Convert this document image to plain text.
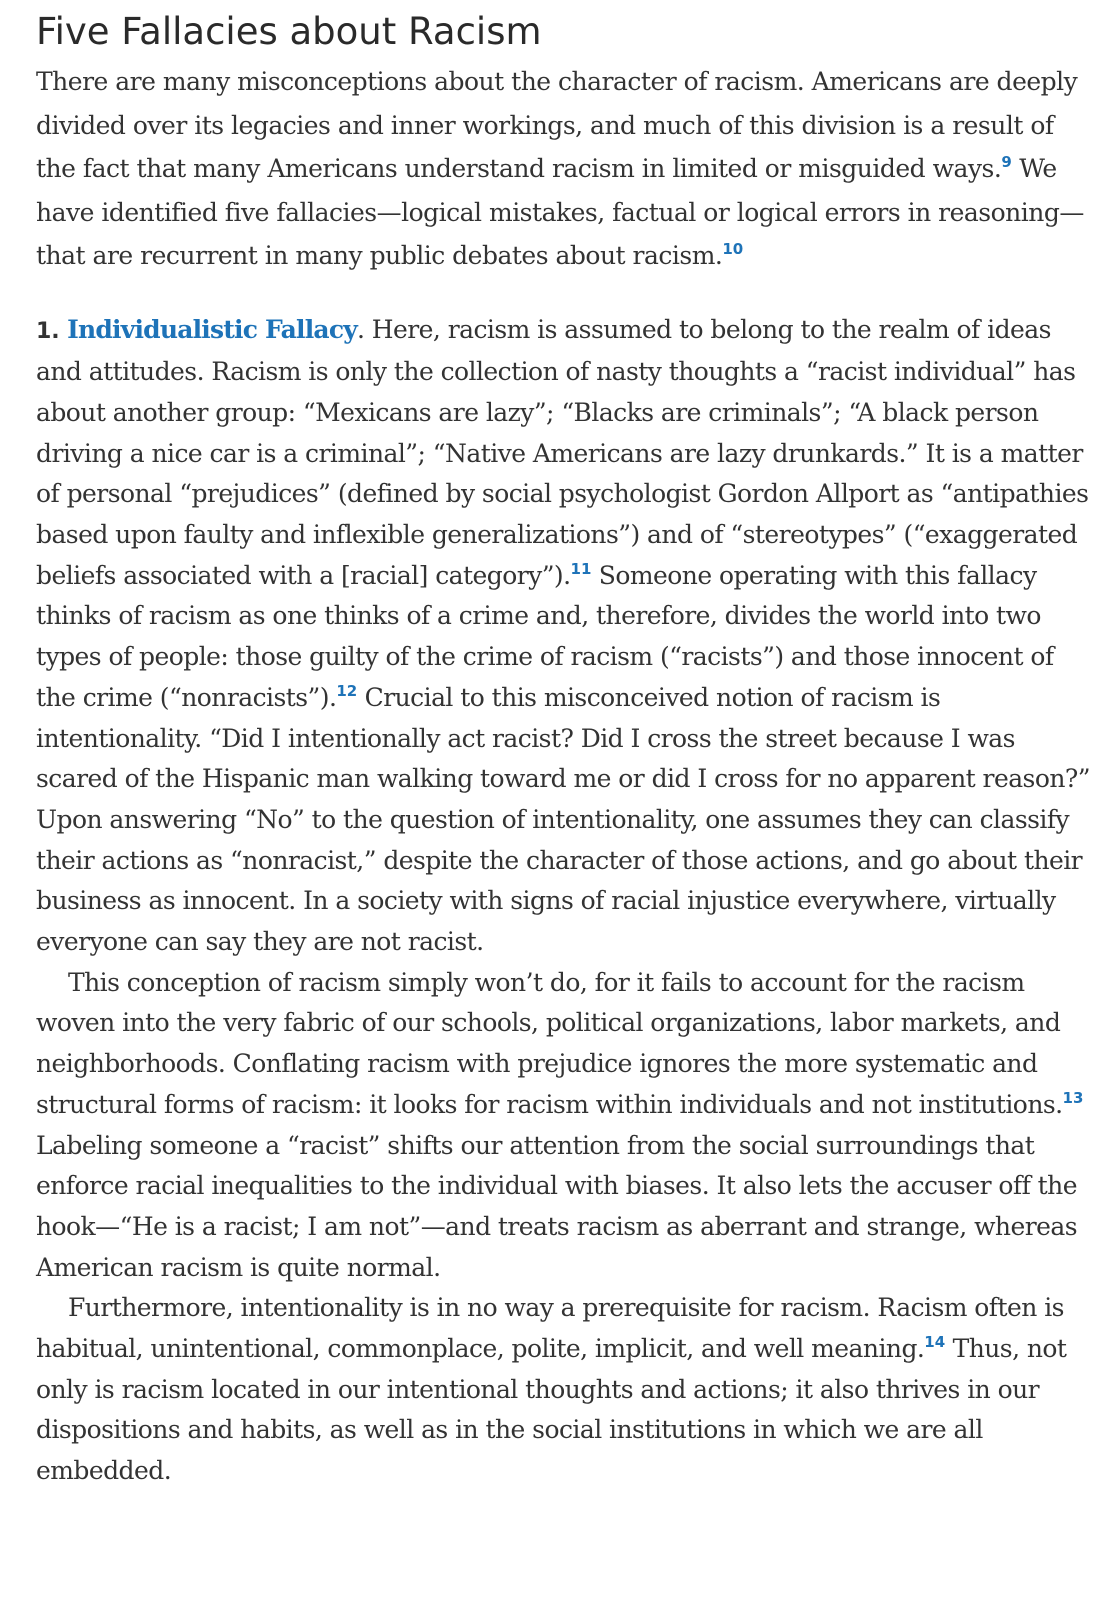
Five Fallacies about Racism

There are many misconceptions about the character of racism. Americans are deeply divided over its legacies and inner workings, and much of this division is a result of the fact that many Americans understand racism in limited or misguided ways.$^9$ We have identified five fallacies—logical mistakes, factual or logical errors in reasoning—that are recurrent in many public debates about racism.$^{10}$

1. Individualistic Fallacy. Here, racism is assumed to belong to the realm of ideas and attitudes. Racism is only the collection of nasty thoughts a “racist individual” has about another group: “Mexicans are lazy”; “Blacks are criminals”; “A black person driving a nice car is a criminal”; “Native Americans are lazy drunkards.” It is a matter of personal “prejudices” (defined by social psychologist Gordon Allport as “antipathies based upon faulty and inflexible generalizations”) and of “stereotypes” (“exaggerated beliefs associated with a [racial] category”).$^{11}$ Someone operating with this fallacy thinks of racism as one thinks of a crime and, therefore, divides the world into two types of people: those guilty of the crime of racism (“racists”) and those innocent of the crime (“nonracists”).$^{12}$ Crucial to this misconceived notion of racism is intentionality. “Did I intentionally act racist? Did I cross the street because I was scared of the Hispanic man walking toward me or did I cross for no apparent reason?” Upon answering “No” to the question of intentionality, one assumes they can classify their actions as “nonracist,” despite the character of those actions, and go about their business as innocent. In a society with signs of racial injustice everywhere, virtually everyone can say they are not racist.

This conception of racism simply won’t do, for it fails to account for the racism woven into the very fabric of our schools, political organizations, labor markets, and neighborhoods. Conflating racism with prejudice ignores the more systematic and structural forms of racism: it looks for racism within individuals and not institutions.$^{13}$ Labeling someone a “racist” shifts our attention from the social surroundings that enforce racial inequalities to the individual with biases. It also lets the accuser off the hook—“He is a racist; I am not”—and treats racism as aberrant and strange, whereas American racism is quite normal.

Furthermore, intentionality is in no way a prerequisite for racism. Racism often is habitual, unintentional, commonplace, polite, implicit, and well meaning.$^{14}$ Thus, not only is racism located in our intentional thoughts and actions; it also thrives in our dispositions and habits, as well as in the social institutions in which we are all embedded.
